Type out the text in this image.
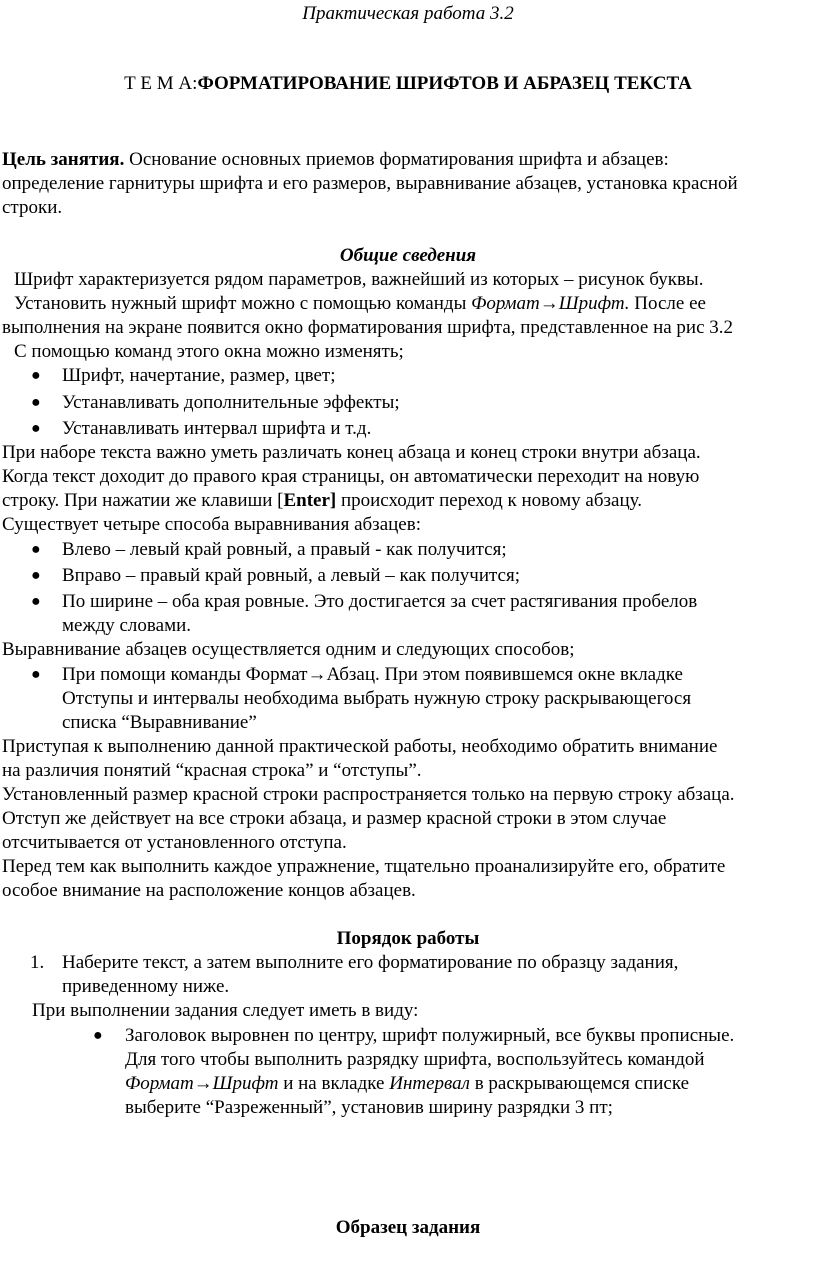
Практическая работа 3.2
Т Е М А:ФОРМАТИРОВАНИЕ ШРИФТОВ И АБРАЗЕЦ ТЕКСТА
Цель занятия. Основание основных приемов форматирования шрифта и абзацев:
определение гарнитуры шрифта и его размеров, выравнивание абзацев, установка красной
строки.
Общие сведения
Шрифт характеризуется рядом параметров, важнейший из которых – рисунок буквы.
Установить нужный шрифт можно с помощью команды Формат→Шрифт. После ее
выполнения на экране появится окно форматирования шрифта, представленное на рис 3.2
С помощью команд этого окна можно изменять;
● Шрифт, начертание, размер, цвет;
● Устанавливать дополнительные эффекты;
● Устанавливать интервал шрифта и т.д.
При наборе текста важно уметь различать конец абзаца и конец строки внутри абзаца.
Когда текст доходит до правого края страницы, он автоматически переходит на новую
строку. При нажатии же клавиши [Enter] происходит переход к новому абзацу.
Существует четыре способа выравнивания абзацев:
● Влево – левый край ровный, а правый - как получится;
● Вправо – правый край ровный, а левый – как получится;
● По ширине – оба края ровные. Это достигается за счет растягивания пробелов
между словами.
Выравнивание абзацев осуществляется одним и следующих способов;
● При помощи команды Формат→Абзац. При этом появившемся окне вкладке
Отступы и интервалы необходима выбрать нужную строку раскрывающегося
списка “Выравнивание”
Приступая к выполнению данной практической работы, необходимо обратить внимание
на различия понятий “красная строка” и “отступы”.
Установленный размер красной строки распространяется только на первую строку абзаца.
Отступ же действует на все строки абзаца, и размер красной строки в этом случае
отсчитывается от установленного отступа.
Перед тем как выполнить каждое упражнение, тщательно проанализируйте его, обратите
особое внимание на расположение концов абзацев.
Порядок работы
1. Наберите текст, а затем выполните его форматирование по образцу задания,
приведенному ниже.
При выполнении задания следует иметь в виду:
● Заголовок выровнен по центру, шрифт полужирный, все буквы прописные.
Для того чтобы выполнить разрядку шрифта, воспользуйтесь командой
Формат→Шрифт и на вкладке Интервал в раскрывающемся списке
выберите “Разреженный”, установив ширину разрядки 3 пт;
Образец задания
